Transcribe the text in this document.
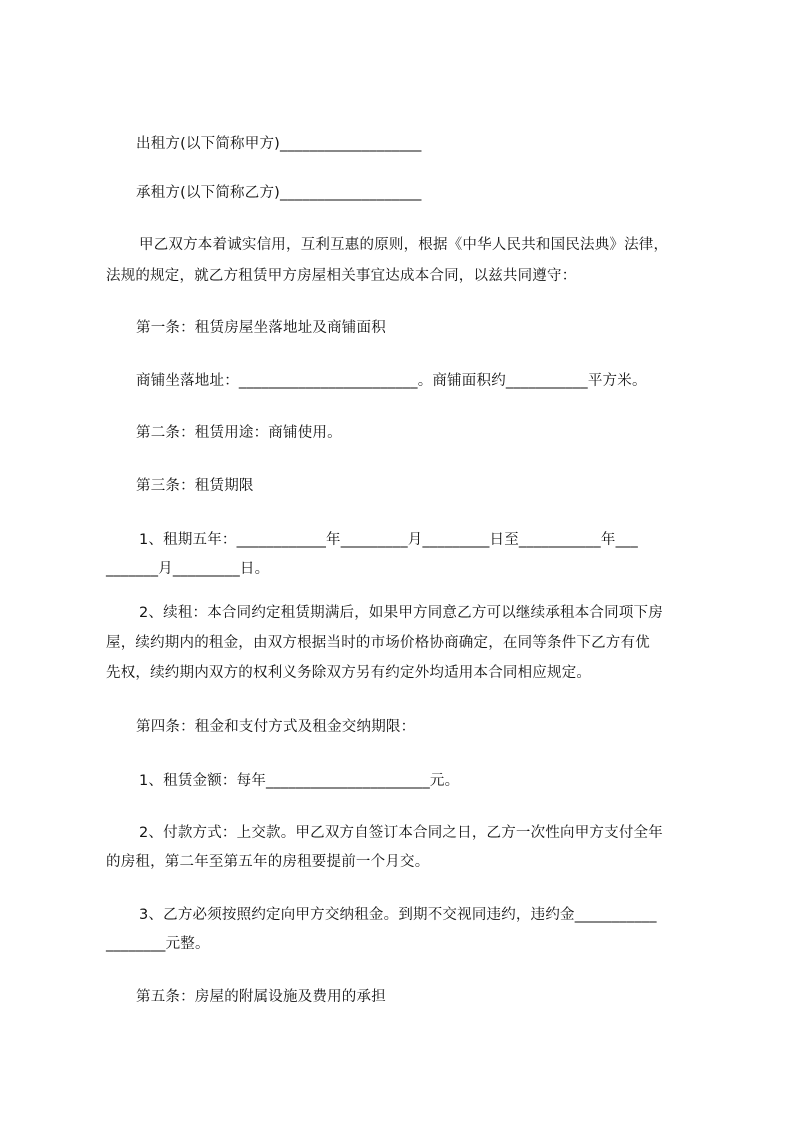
出租方(以下简称甲方)___________________
承租方(以下简称乙方)___________________
甲乙双方本着诚实信用，互利互惠的原则，根据《中华人民共和国民法典》法律，
法规的规定，就乙方租赁甲方房屋相关事宜达成本合同，以兹共同遵守：
第一条：租赁房屋坐落地址及商铺面积
商铺坐落地址：________________________。商铺面积约___________平方米。
第二条：租赁用途：商铺使用。
第三条：租赁期限
1、租期五年：____________年_________月_________日至___________年___
_______月_________日。
2、续租：本合同约定租赁期满后，如果甲方同意乙方可以继续承租本合同项下房
屋，续约期内的租金，由双方根据当时的市场价格协商确定，在同等条件下乙方有优
先权，续约期内双方的权利义务除双方另有约定外均适用本合同相应规定。
第四条：租金和支付方式及租金交纳期限：
1、租赁金额：每年______________________元。
2、付款方式：上交款。甲乙双方自签订本合同之日，乙方一次性向甲方支付全年
的房租，第二年至第五年的房租要提前一个月交。
3、乙方必须按照约定向甲方交纳租金。到期不交视同违约，违约金___________
________元整。
第五条：房屋的附属设施及费用的承担
